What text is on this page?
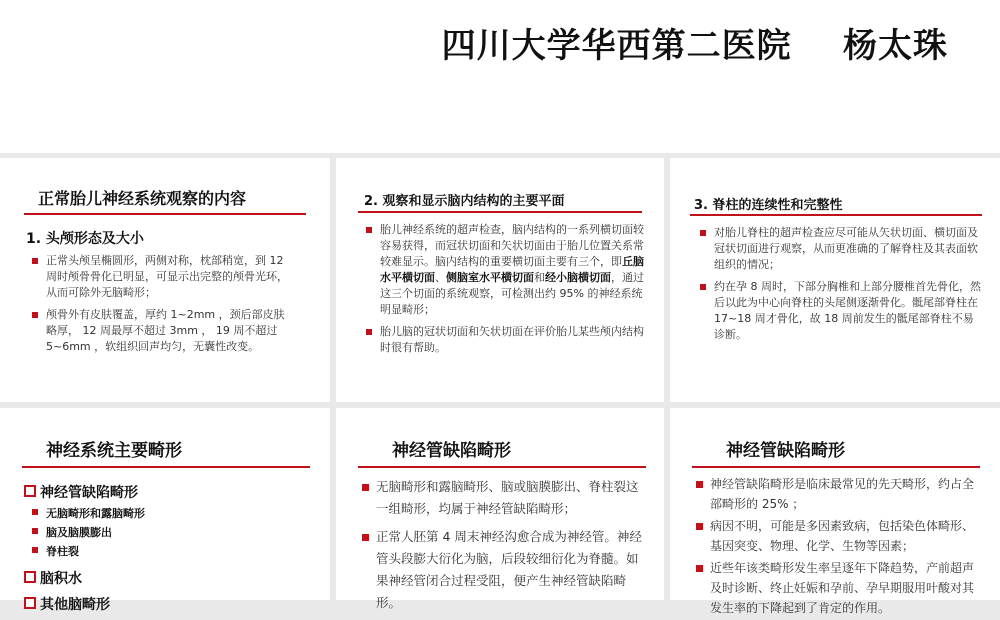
四川大学华西第二医院    杨太珠
正常胎儿神经系统观察的内容
1. 头颅形态及大小
正常头颅呈椭圆形，两侧对称，枕部稍宽，到 12 周时颅骨骨化已明显，可显示出完整的颅骨光环，从而可除外无脑畸形；
颅骨外有皮肤覆盖，厚约 1~2mm ，颈后部皮肤略厚， 12 周最厚不超过 3mm ， 19 周不超过 5~6mm ，软组织回声均匀，无囊性改变。
2. 观察和显示脑内结构的主要平面
胎儿神经系统的超声检查，脑内结构的一系列横切面较容易获得，而冠状切面和矢状切面由于胎儿位置关系常较难显示。脑内结构的重要横切面主要有三个，即丘脑水平横切面、侧脑室水平横切面和经小脑横切面，通过这三个切面的系统观察，可检测出约 95% 的神经系统明显畸形；
胎儿脑的冠状切面和矢状切面在评价胎儿某些颅内结构时很有帮助。
3. 脊柱的连续性和完整性
对胎儿脊柱的超声检查应尽可能从矢状切面、横切面及冠状切面进行观察，从而更准确的了解脊柱及其表面软组织的情况；
约在孕 8 周时，下部分胸椎和上部分腰椎首先骨化，然后以此为中心向脊柱的头尾侧逐渐骨化。骶尾部脊柱在 17~18 周才骨化，故 18 周前发生的骶尾部脊柱不易诊断。
神经系统主要畸形
神经管缺陷畸形
无脑畸形和露脑畸形
脑及脑膜膨出
脊柱裂
脑积水
其他脑畸形
神经管缺陷畸形
无脑畸形和露脑畸形、脑或脑膜膨出、脊柱裂这一组畸形，均属于神经管缺陷畸形；
正常人胚第 4 周末神经沟愈合成为神经管。神经管头段膨大衍化为脑，后段较细衍化为脊髓。如果神经管闭合过程受阻，便产生神经管缺陷畸形。
神经管缺陷畸形
神经管缺陷畸形是临床最常见的先天畸形，约占全部畸形的 25% ；
病因不明，可能是多因素致病，包括染色体畸形、基因突变、物理、化学、生物等因素；
近些年该类畸形发生率呈逐年下降趋势，产前超声及时诊断、终止妊娠和孕前、孕早期服用叶酸对其发生率的下降起到了肯定的作用。
